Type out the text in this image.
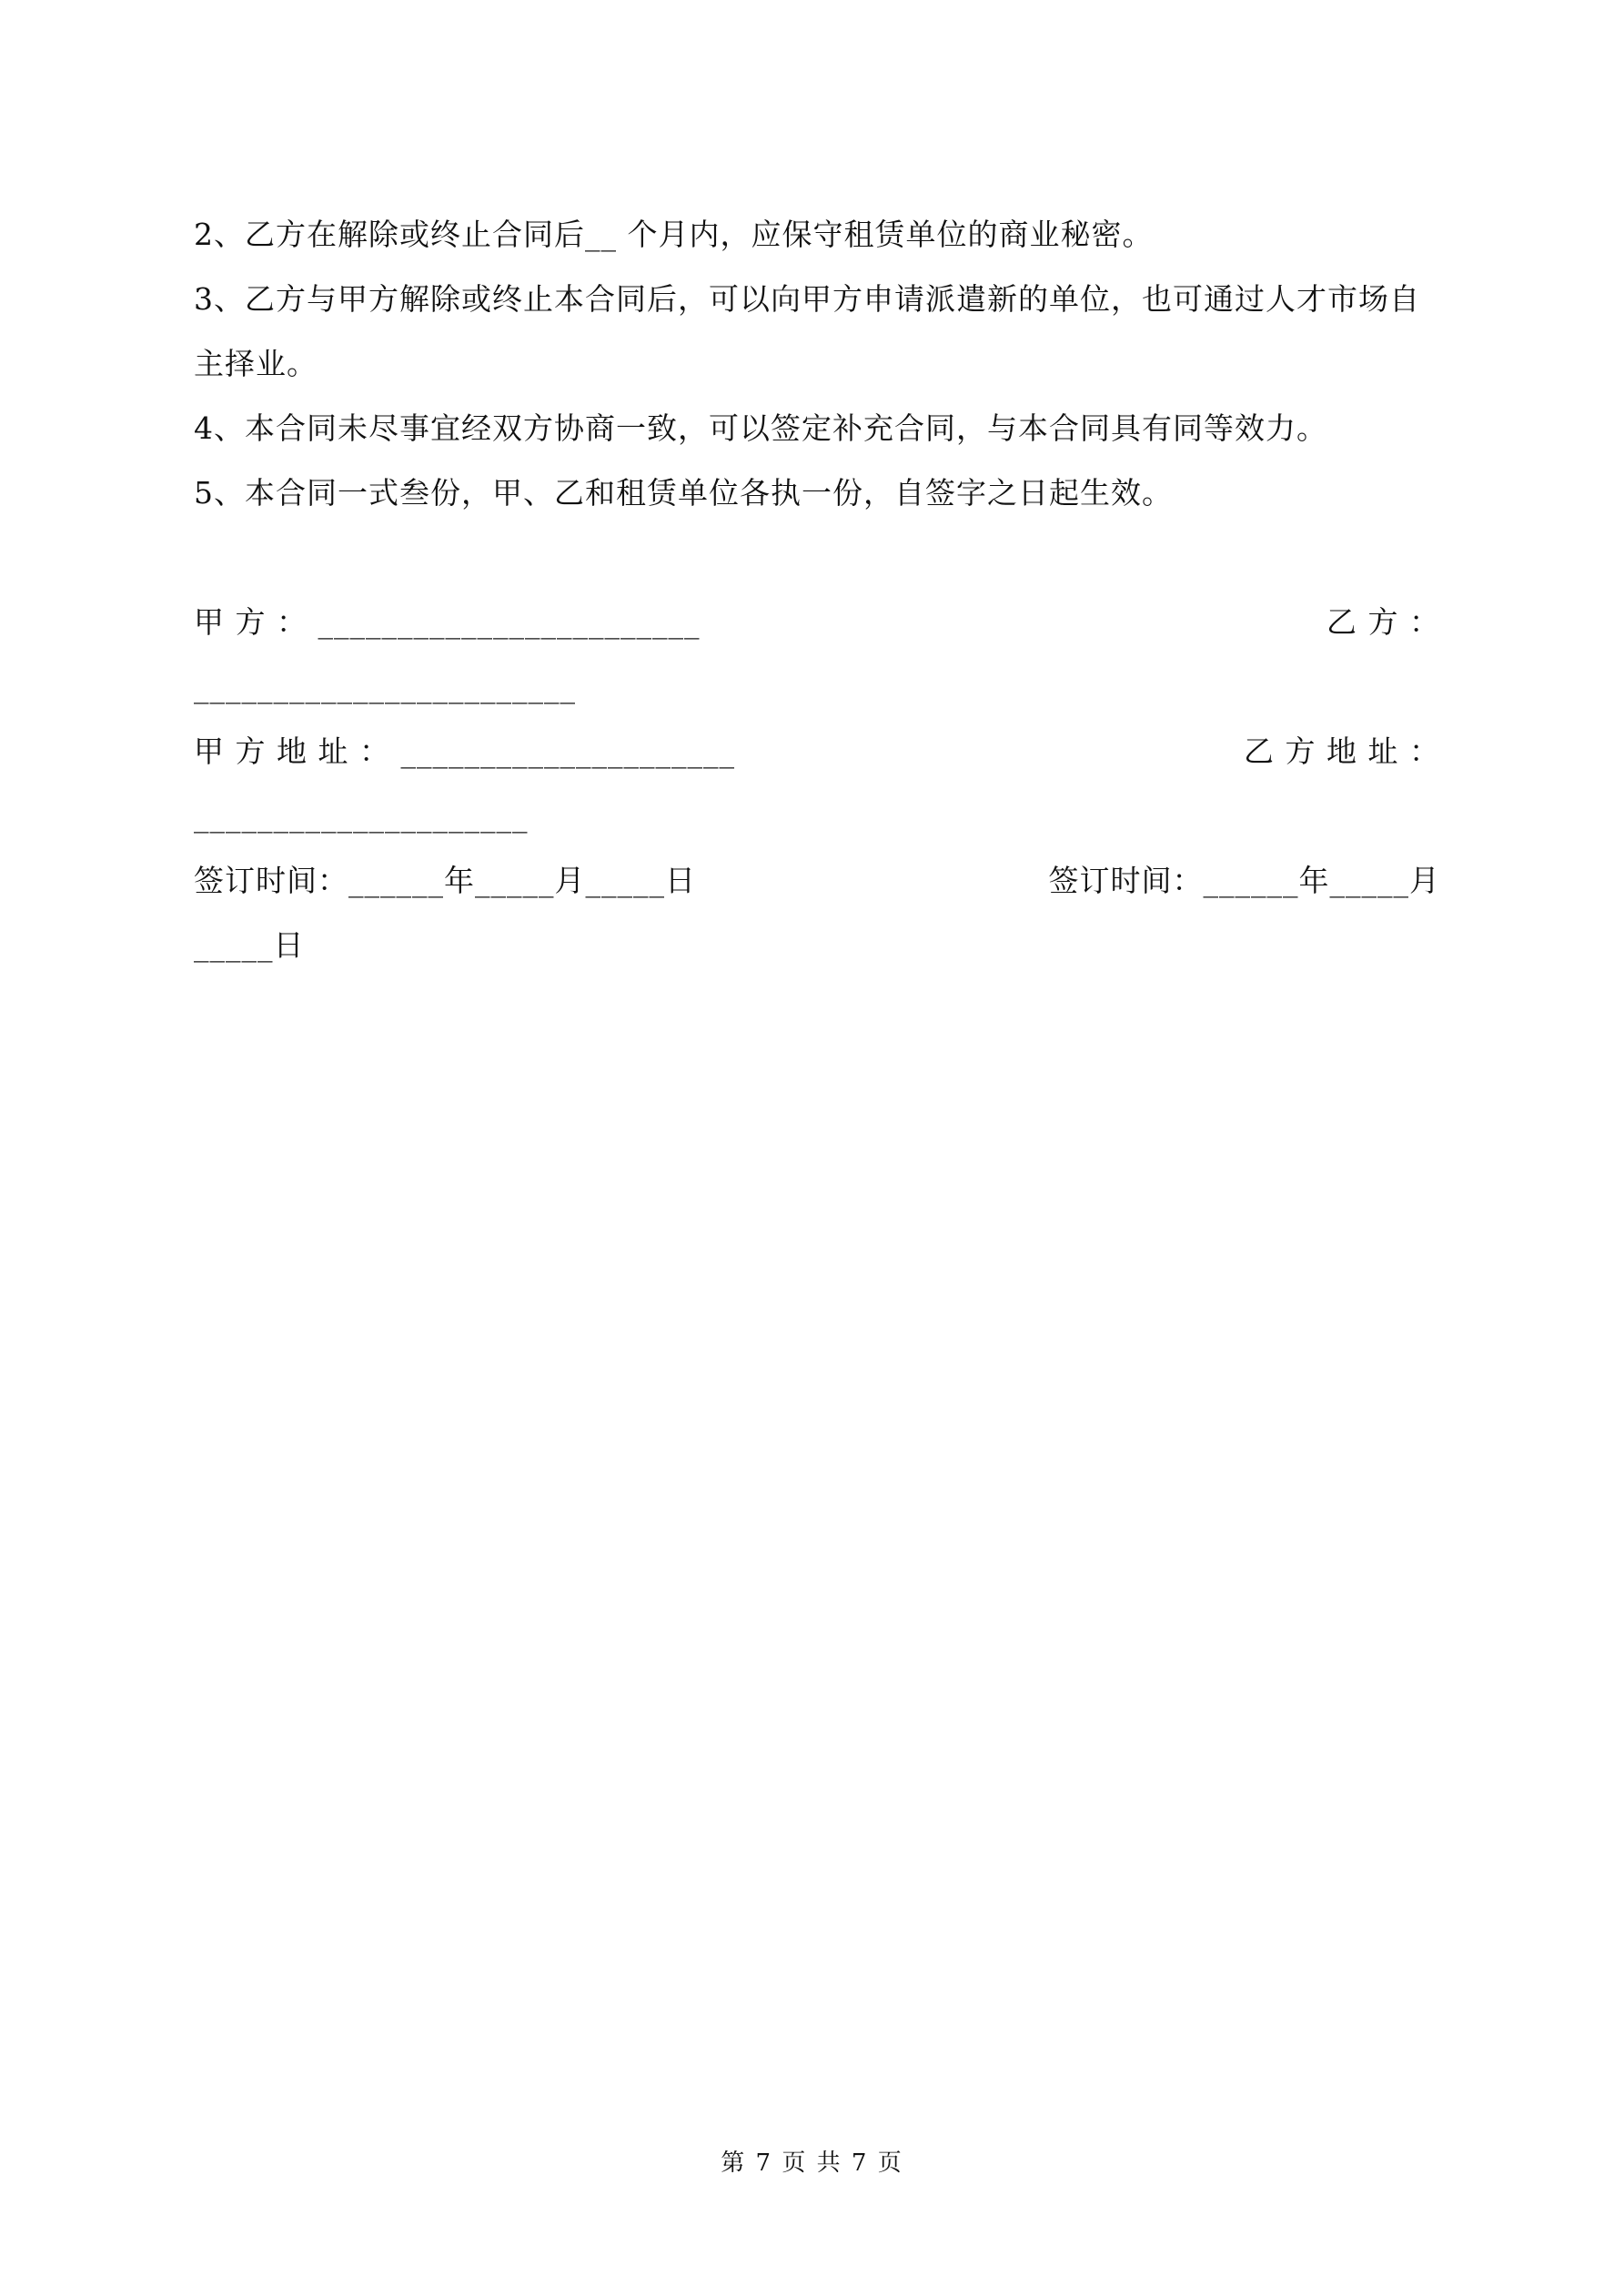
2、乙方在解除或终止合同后__ 个月内，应保守租赁单位的商业秘密。

3、乙方与甲方解除或终止本合同后，可以向甲方申请派遣新的单位，也可通过人才市场自主择业。

4、本合同未尽事宜经双方协商一致，可以签定补充合同，与本合同具有同等效力。

5、本合同一式叁份，甲、乙和租赁单位各执一份，自签字之日起生效。

甲 方 ： ________________________	乙 方 ：
________________________
甲 方 地 址 ： _____________________	乙 方 地 址 ：
_____________________
签订时间：______年_____月_____日	签订时间：______年_____月
_____日
第 7 页 共 7 页
